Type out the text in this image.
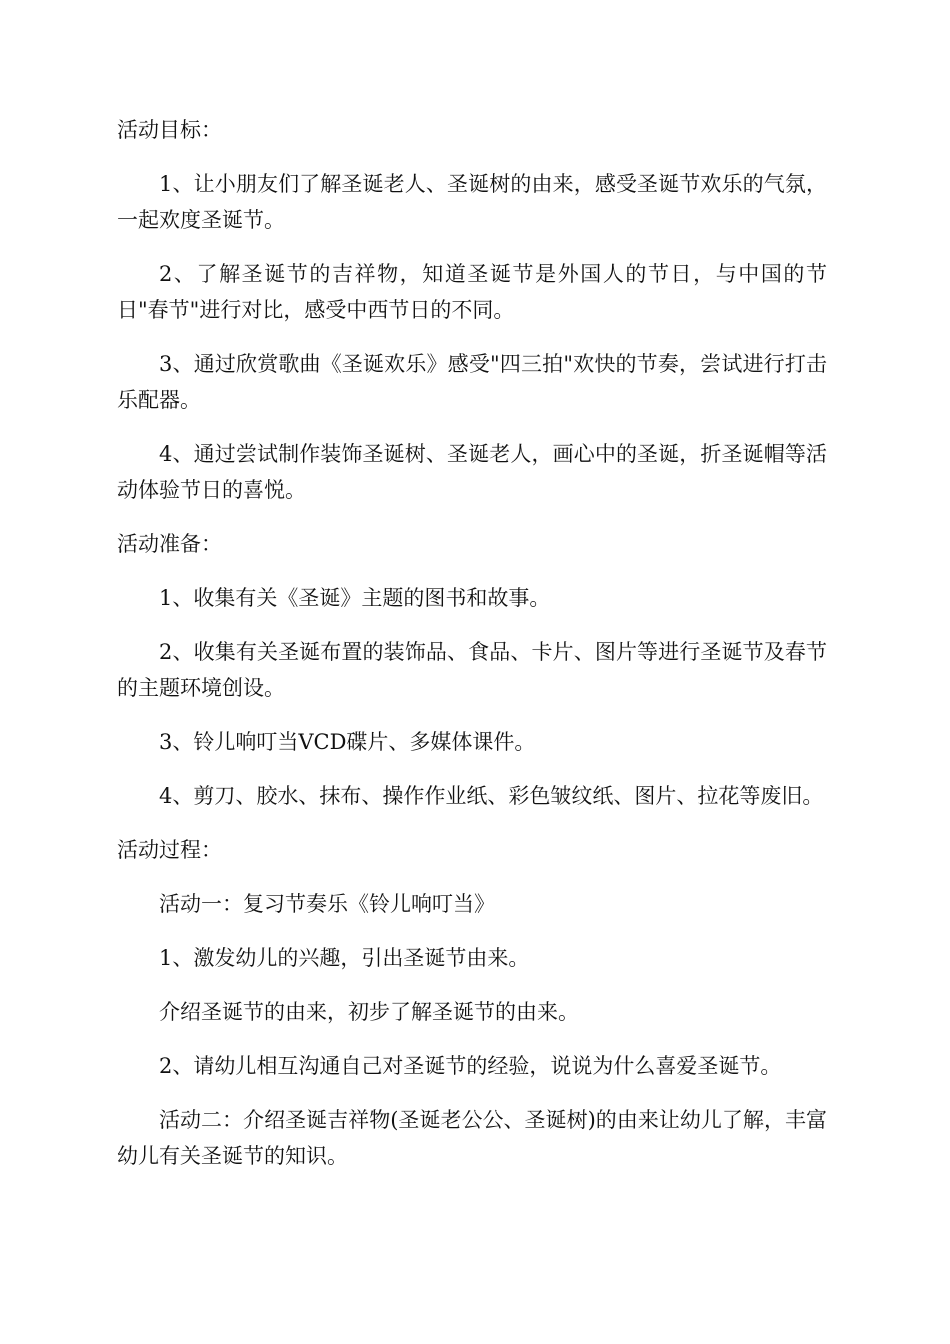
活动目标：

1、让小朋友们了解圣诞老人、圣诞树的由来，感受圣诞节欢乐的气氛，一起欢度圣诞节。

2、了解圣诞节的吉祥物，知道圣诞节是外国人的节日，与中国的节日"春节"进行对比，感受中西节日的不同。

3、通过欣赏歌曲《圣诞欢乐》感受"四三拍"欢快的节奏，尝试进行打击乐配器。

4、通过尝试制作装饰圣诞树、圣诞老人，画心中的圣诞，折圣诞帽等活动体验节日的喜悦。

活动准备：

1、收集有关《圣诞》主题的图书和故事。

2、收集有关圣诞布置的装饰品、食品、卡片、图片等进行圣诞节及春节的主题环境创设。

3、铃儿响叮当VCD碟片、多媒体课件。

4、剪刀、胶水、抹布、操作作业纸、彩色皱纹纸、图片、拉花等废旧。

活动过程：

活动一：复习节奏乐《铃儿响叮当》

1、激发幼儿的兴趣，引出圣诞节由来。

介绍圣诞节的由来，初步了解圣诞节的由来。

2、请幼儿相互沟通自己对圣诞节的经验，说说为什么喜爱圣诞节。

活动二：介绍圣诞吉祥物(圣诞老公公、圣诞树)的由来让幼儿了解，丰富幼儿有关圣诞节的知识。
